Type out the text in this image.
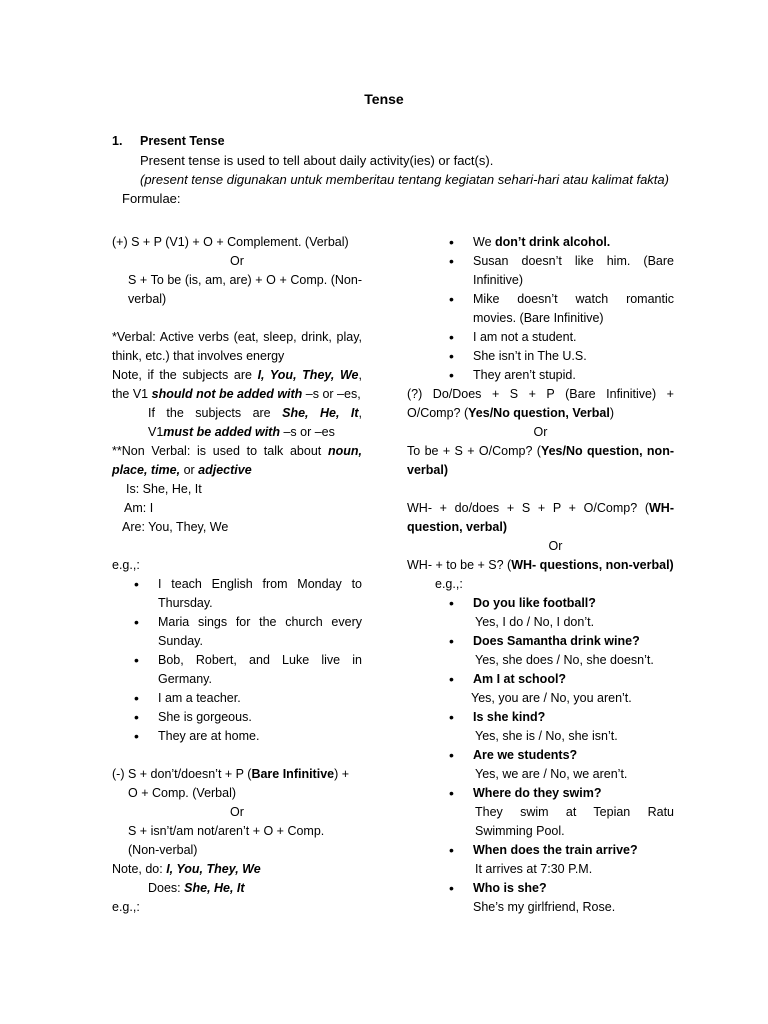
Tense
1.	Present Tense
Present tense is used to tell about daily activity(ies) or fact(s).
(present tense digunakan untuk memberitau tentang kegiatan sehari-hari atau kalimat fakta)
Formulae:
(+) S + P (V1) + O + Complement. (Verbal)
Or
S + To be (is, am, are) + O + Comp. (Non-verbal)
*Verbal: Active verbs (eat, sleep, drink, play, think, etc.) that involves energy
Note, if the subjects are I, You, They, We, the V1 should not be added with –s or –es,
If the subjects are She, He, It, V1must be added with –s or –es
**Non Verbal: is used to talk about noun, place, time, or adjective
Is: She, He, It
Am: I
Are: You, They, We
e.g.,:
• I teach English from Monday to Thursday.
• Maria sings for the church every Sunday.
• Bob, Robert, and Luke live in Germany.
• I am a teacher.
• She is gorgeous.
• They are at home.
(-) S + don’t/doesn’t + P (Bare Infinitive) +
O + Comp. (Verbal)
Or
S + isn’t/am not/aren’t + O + Comp.
(Non-verbal)
Note, do: I, You, They, We
Does: She, He, It
e.g.,:
• We don’t drink alcohol.
• Susan doesn’t like him. (Bare Infinitive)
• Mike doesn’t watch romantic movies. (Bare Infinitive)
• I am not a student.
• She isn’t in The U.S.
• They aren’t stupid.
(?) Do/Does + S + P (Bare Infinitive) + O/Comp? (Yes/No question, Verbal)
Or
To be + S + O/Comp? (Yes/No question, non-verbal)
WH- + do/does + S + P + O/Comp? (WH-question, verbal)
Or
WH- + to be + S? (WH- questions, non-verbal)
e.g.,:
• Do you like football?
Yes, I do / No, I don’t.
• Does Samantha drink wine?
Yes, she does / No, she doesn’t.
• Am I at school?
Yes, you are / No, you aren’t.
• Is she kind?
Yes, she is / No, she isn’t.
• Are we students?
Yes, we are / No, we aren’t.
• Where do they swim?
They swim at Tepian Ratu Swimming Pool.
• When does the train arrive?
It arrives at 7:30 P.M.
• Who is she?
She’s my girlfriend, Rose.
